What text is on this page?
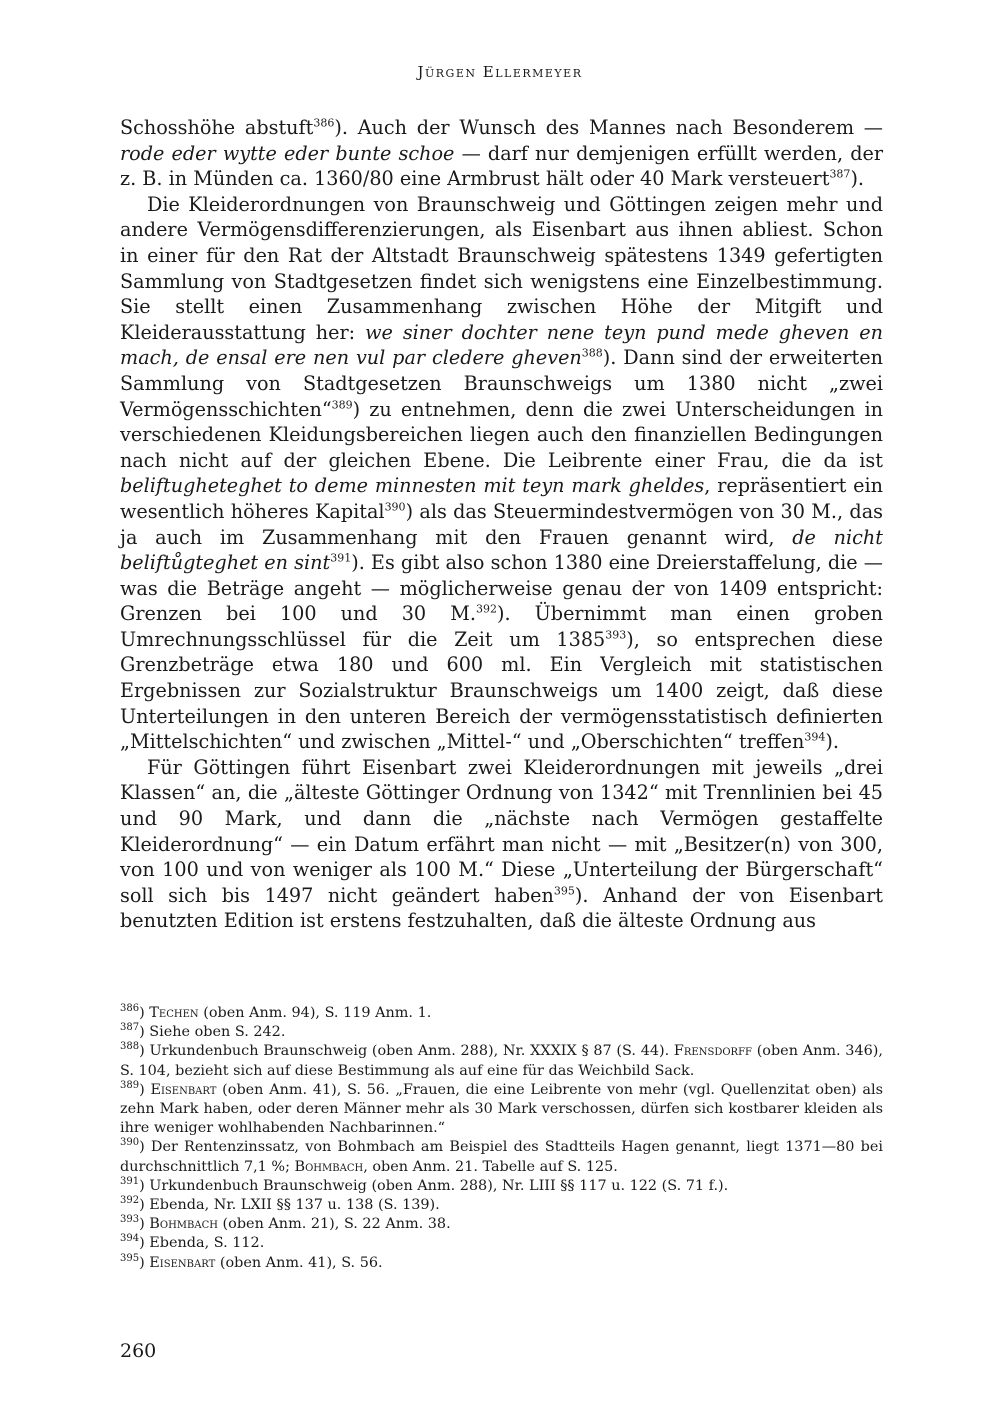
Jürgen Ellermeyer

Schosshöhe abstuft$^{386}$). Auch der Wunsch des Mannes nach Besonderem — rode eder wytte eder bunte schoe — darf nur demjenigen erfüllt werden, der z. B. in Münden ca. 1360/80 eine Armbrust hält oder 40 Mark versteuert$^{387}$).

Die Kleiderordnungen von Braunschweig und Göttingen zeigen mehr und andere Vermögensdifferenzierungen, als Eisenbart aus ihnen abliest. Schon in einer für den Rat der Altstadt Braunschweig spätestens 1349 gefertigten Sammlung von Stadtgesetzen findet sich wenigstens eine Einzelbestimmung. Sie stellt einen Zusammenhang zwischen Höhe der Mitgift und Kleiderausstattung her: we siner dochter nene teyn pund mede gheven en mach, de ensal ere nen vul par cledere gheven$^{388}$). Dann sind der erweiterten Sammlung von Stadtgesetzen Braunschweigs um 1380 nicht „zwei Vermögensschichten“$^{389}$) zu entnehmen, denn die zwei Unterscheidungen in verschiedenen Kleidungsbereichen liegen auch den finanziellen Bedingungen nach nicht auf der gleichen Ebene. Die Leibrente einer Frau, die da ist beliftugheteghet to deme minnesten mit teyn mark gheldes, repräsentiert ein wesentlich höheres Kapital$^{390}$) als das Steuermindestvermögen von 30 M., das ja auch im Zusammenhang mit den Frauen genannt wird, de nicht beliftůgteghet en sint$^{391}$). Es gibt also schon 1380 eine Dreierstaffelung, die — was die Beträge angeht — möglicherweise genau der von 1409 entspricht: Grenzen bei 100 und 30 M.$^{392}$). Übernimmt man einen groben Umrechnungsschlüssel für die Zeit um 1385$^{393}$), so entsprechen diese Grenzbeträge etwa 180 und 600 ml. Ein Vergleich mit statistischen Ergebnissen zur Sozialstruktur Braunschweigs um 1400 zeigt, daß diese Unterteilungen in den unteren Bereich der vermögensstatistisch definierten „Mittelschichten“ und zwischen „Mittel-“ und „Oberschichten“ treffen$^{394}$).

Für Göttingen führt Eisenbart zwei Kleiderordnungen mit jeweils „drei Klassen“ an, die „älteste Göttinger Ordnung von 1342“ mit Trennlinien bei 45 und 90 Mark, und dann die „nächste nach Vermögen gestaffelte Kleiderordnung“ — ein Datum erfährt man nicht — mit „Besitzer(n) von 300, von 100 und von weniger als 100 M.“ Diese „Unterteilung der Bürgerschaft“ soll sich bis 1497 nicht geändert haben$^{395}$). Anhand der von Eisenbart benutzten Edition ist erstens festzuhalten, daß die älteste Ordnung aus

$^{386}$) Techen (oben Anm. 94), S. 119 Anm. 1.

$^{387}$) Siehe oben S. 242.

$^{388}$) Urkundenbuch Braunschweig (oben Anm. 288), Nr. XXXIX § 87 (S. 44). Frensdorff (oben Anm. 346), S. 104, bezieht sich auf diese Bestimmung als auf eine für das Weichbild Sack.

$^{389}$) Eisenbart (oben Anm. 41), S. 56. „Frauen, die eine Leibrente von mehr (vgl. Quellenzitat oben) als zehn Mark haben, oder deren Männer mehr als 30 Mark verschossen, dürfen sich kostbarer kleiden als ihre weniger wohlhabenden Nachbarinnen.“

$^{390}$) Der Rentenzinssatz, von Bohmbach am Beispiel des Stadtteils Hagen genannt, liegt 1371—80 bei durchschnittlich 7,1 %; Bohmbach, oben Anm. 21. Tabelle auf S. 125.

$^{391}$) Urkundenbuch Braunschweig (oben Anm. 288), Nr. LIII §§ 117 u. 122 (S. 71 f.).

$^{392}$) Ebenda, Nr. LXII §§ 137 u. 138 (S. 139).

$^{393}$) Bohmbach (oben Anm. 21), S. 22 Anm. 38.

$^{394}$) Ebenda, S. 112.

$^{395}$) Eisenbart (oben Anm. 41), S. 56.

260
